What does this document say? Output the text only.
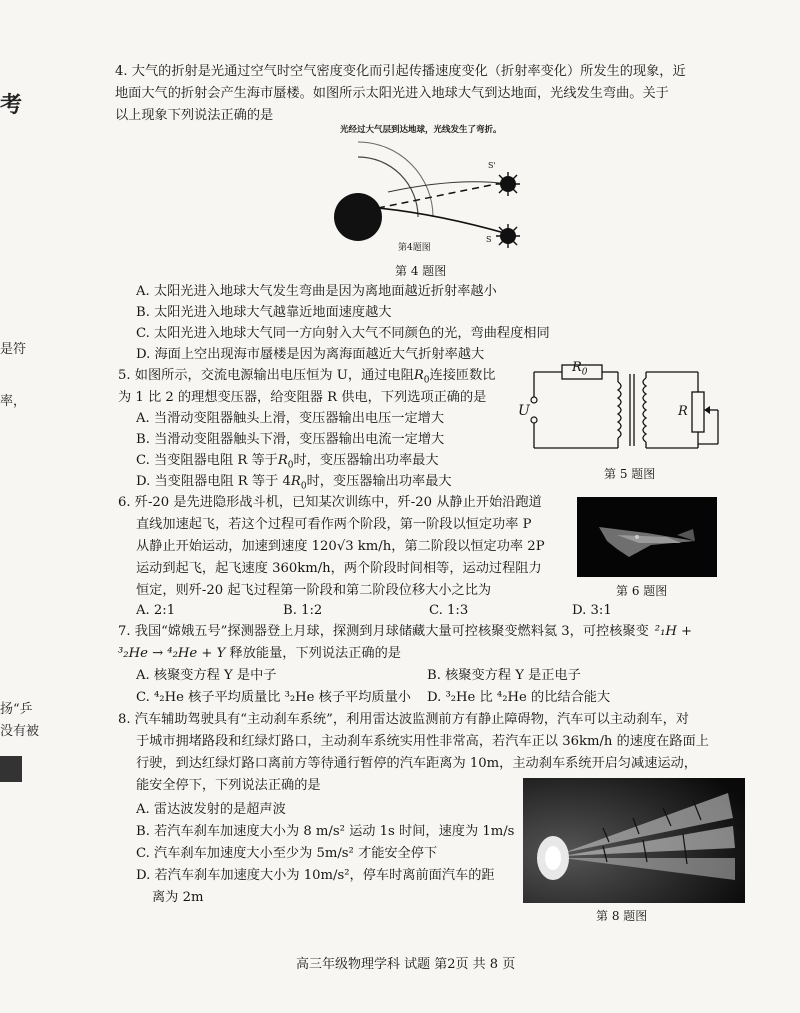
考
是符
率，
扬“乒
没有被
4. 大气的折射是光通过空气时空气密度变化而引起传播速度变化（折射率变化）所发生的现象，近
地面大气的折射会产生海市蜃楼。如图所示太阳光进入地球大气到达地面，光线发生弯曲。关于
以上现象下列说法正确的是
光经过大气层到达地球，光线发生了弯折。
S'
S
第4题图
第 4 题图
A. 太阳光进入地球大气发生弯曲是因为离地面越近折射率越小
B. 太阳光进入地球大气越靠近地面速度越大
C. 太阳光进入地球大气同一方向射入大气不同颜色的光，弯曲程度相同
D. 海面上空出现海市蜃楼是因为离海面越近大气折射率越大
5. 如图所示，交流电源输出电压恒为 U，通过电阻$R_0$连接匝数比
为 1 比 2 的理想变压器，给变阻器 R 供电，下列选项正确的是
A. 当滑动变阻器触头上滑，变压器输出电压一定增大
B. 当滑动变阻器触头下滑，变压器输出电流一定增大
C. 当变阻器电阻 R 等于$R_0$时，变压器输出功率最大
D. 当变阻器电阻 R 等于 $4R_0$时，变压器输出功率最大
$R_0$
U	R
第 5 题图
6. 歼-20 是先进隐形战斗机，已知某次训练中，歼-20 从静止开始沿跑道
直线加速起飞，若这个过程可看作两个阶段，第一阶段以恒定功率 P
从静止开始运动，加速到速度 120√3 km/h，第二阶段以恒定功率 2P
运动到起飞，起飞速度 360km/h，两个阶段时间相等，运动过程阻力
恒定，则歼-20 起飞过程第一阶段和第二阶段位移大小之比为
A. 2:1	B. 1:2	C. 1:3	D. 3:1
第 6 题图
7. 我国“嫦娥五号”探测器登上月球，探测到月球储藏大量可控核聚变燃料氦 3，可控核聚变 ²₁H +
³₂He → ⁴₂He + Y 释放能量，下列说法正确的是
A. 核聚变方程 Y 是中子	B. 核聚变方程 Y 是正电子
C. ⁴₂He 核子平均质量比 ³₂He 核子平均质量小 D. ³₂He 比 ⁴₂He 的比结合能大
8. 汽车辅助驾驶具有“主动刹车系统”，利用雷达波监测前方有静止障碍物，汽车可以主动刹车，对
于城市拥堵路段和红绿灯路口，主动刹车系统实用性非常高，若汽车正以 36km/h 的速度在路面上
行驶，到达红绿灯路口离前方等待通行暂停的汽车距离为 10m，主动刹车系统开启匀减速运动，
能安全停下，下列说法正确的是
A. 雷达波发射的是超声波
B. 若汽车刹车加速度大小为 8 m/s² 运动 1s 时间，速度为 1m/s
C. 汽车刹车加速度大小至少为 5m/s² 才能安全停下
D. 若汽车刹车加速度大小为 10m/s²，停车时离前面汽车的距
离为 2m
第 8 题图
高三年级物理学科 试题 第2页 共 8 页
